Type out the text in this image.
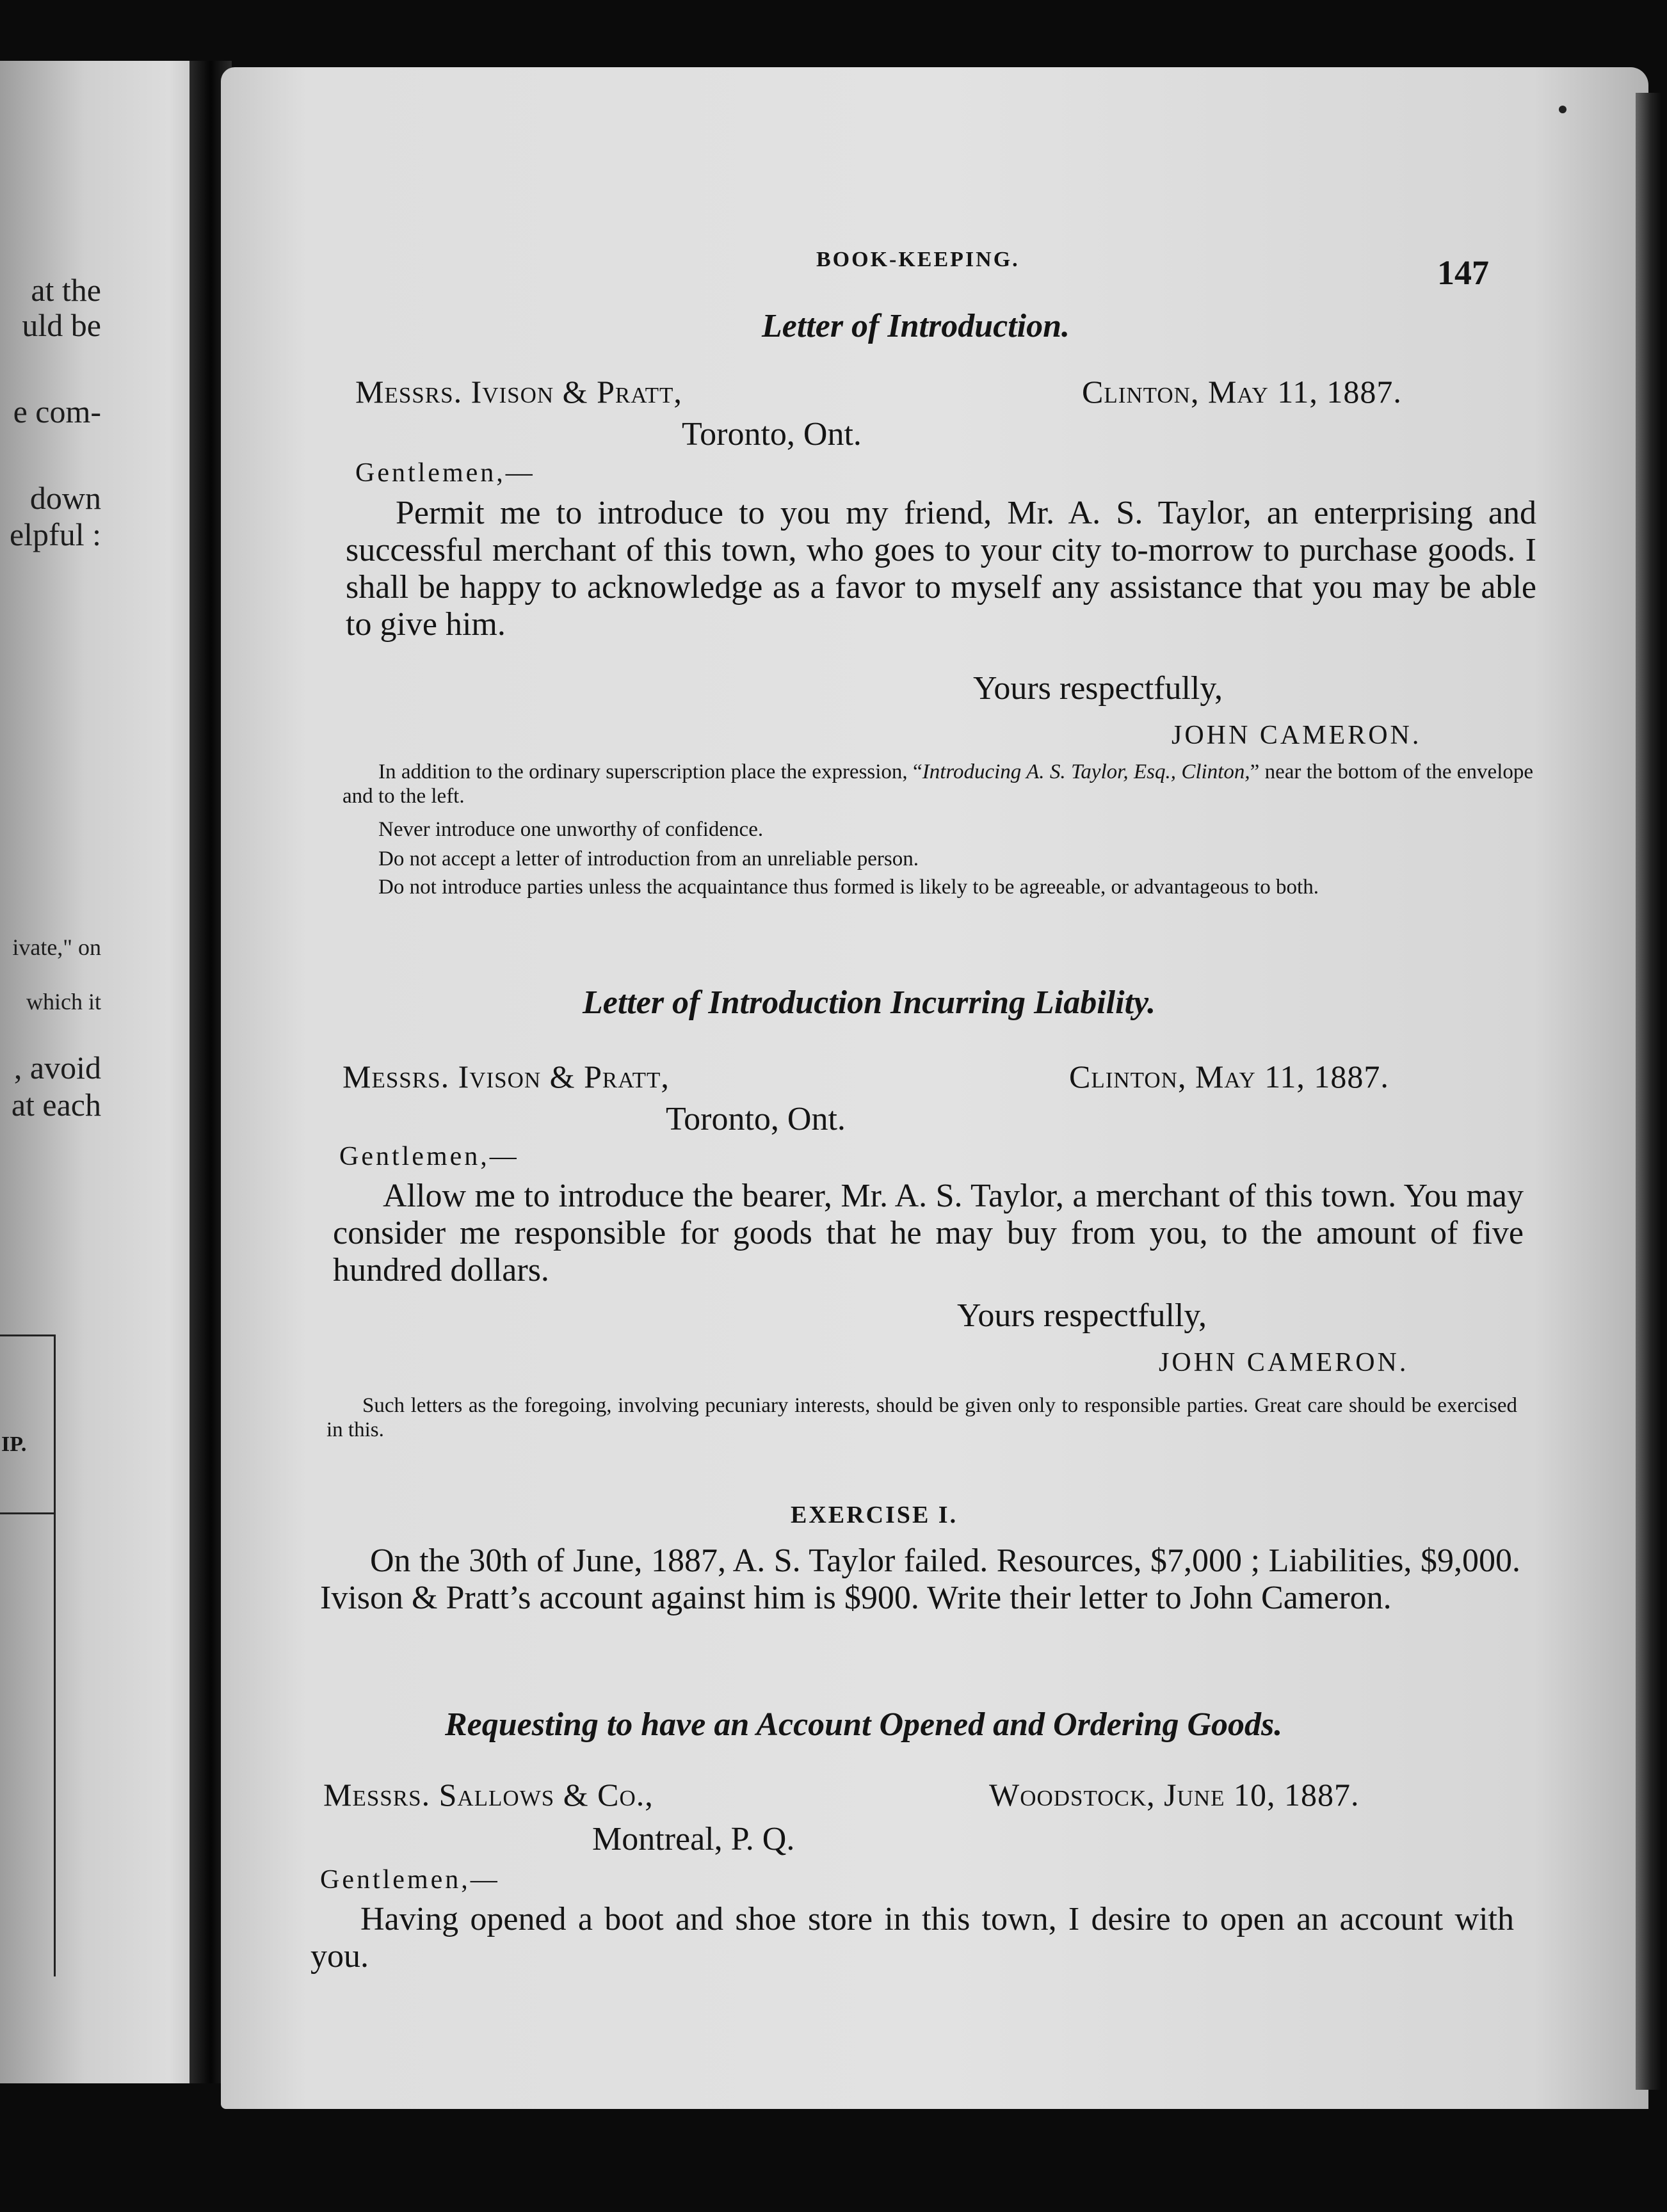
at the
uld be
e com-
down
elpful :
ivate," on
which it
, avoid
at each
IP.
BOOK-KEEPING.	147
Letter of Introduction.
Messrs. Ivison & Pratt,	Clinton, May 11, 1887.
Toronto, Ont.
Gentlemen,—
Permit me to introduce to you my friend, Mr. A. S. Taylor, an enterprising and successful merchant of this town, who goes to your city to-morrow to purchase goods. I shall be happy to acknowledge as a favor to myself any assistance that you may be able to give him.
Yours respectfully,
JOHN CAMERON.
In addition to the ordinary superscription place the expression, “Introducing A. S. Taylor, Esq., Clinton,” near the bottom of the envelope and to the left.
Never introduce one unworthy of confidence.
Do not accept a letter of introduction from an unreliable person.
Do not introduce parties unless the acquaintance thus formed is likely to be agreeable, or advantageous to both.
Letter of Introduction Incurring Liability.
Messrs. Ivison & Pratt,	Clinton, May 11, 1887.
Toronto, Ont.
Gentlemen,—
Allow me to introduce the bearer, Mr. A. S. Taylor, a merchant of this town. You may consider me responsible for goods that he may buy from you, to the amount of five hundred dollars.
Yours respectfully,
JOHN CAMERON.
Such letters as the foregoing, involving pecuniary interests, should be given only to responsible parties. Great care should be exercised in this.
EXERCISE I.
On the 30th of June, 1887, A. S. Taylor failed. Resources, $7,000 ; Liabilities, $9,000. Ivison & Pratt’s account against him is $900. Write their letter to John Cameron.
Requesting to have an Account Opened and Ordering Goods.
Messrs. Sallows & Co.,	Woodstock, June 10, 1887.
Montreal, P. Q.
Gentlemen,—
Having opened a boot and shoe store in this town, I desire to open an account with you.
